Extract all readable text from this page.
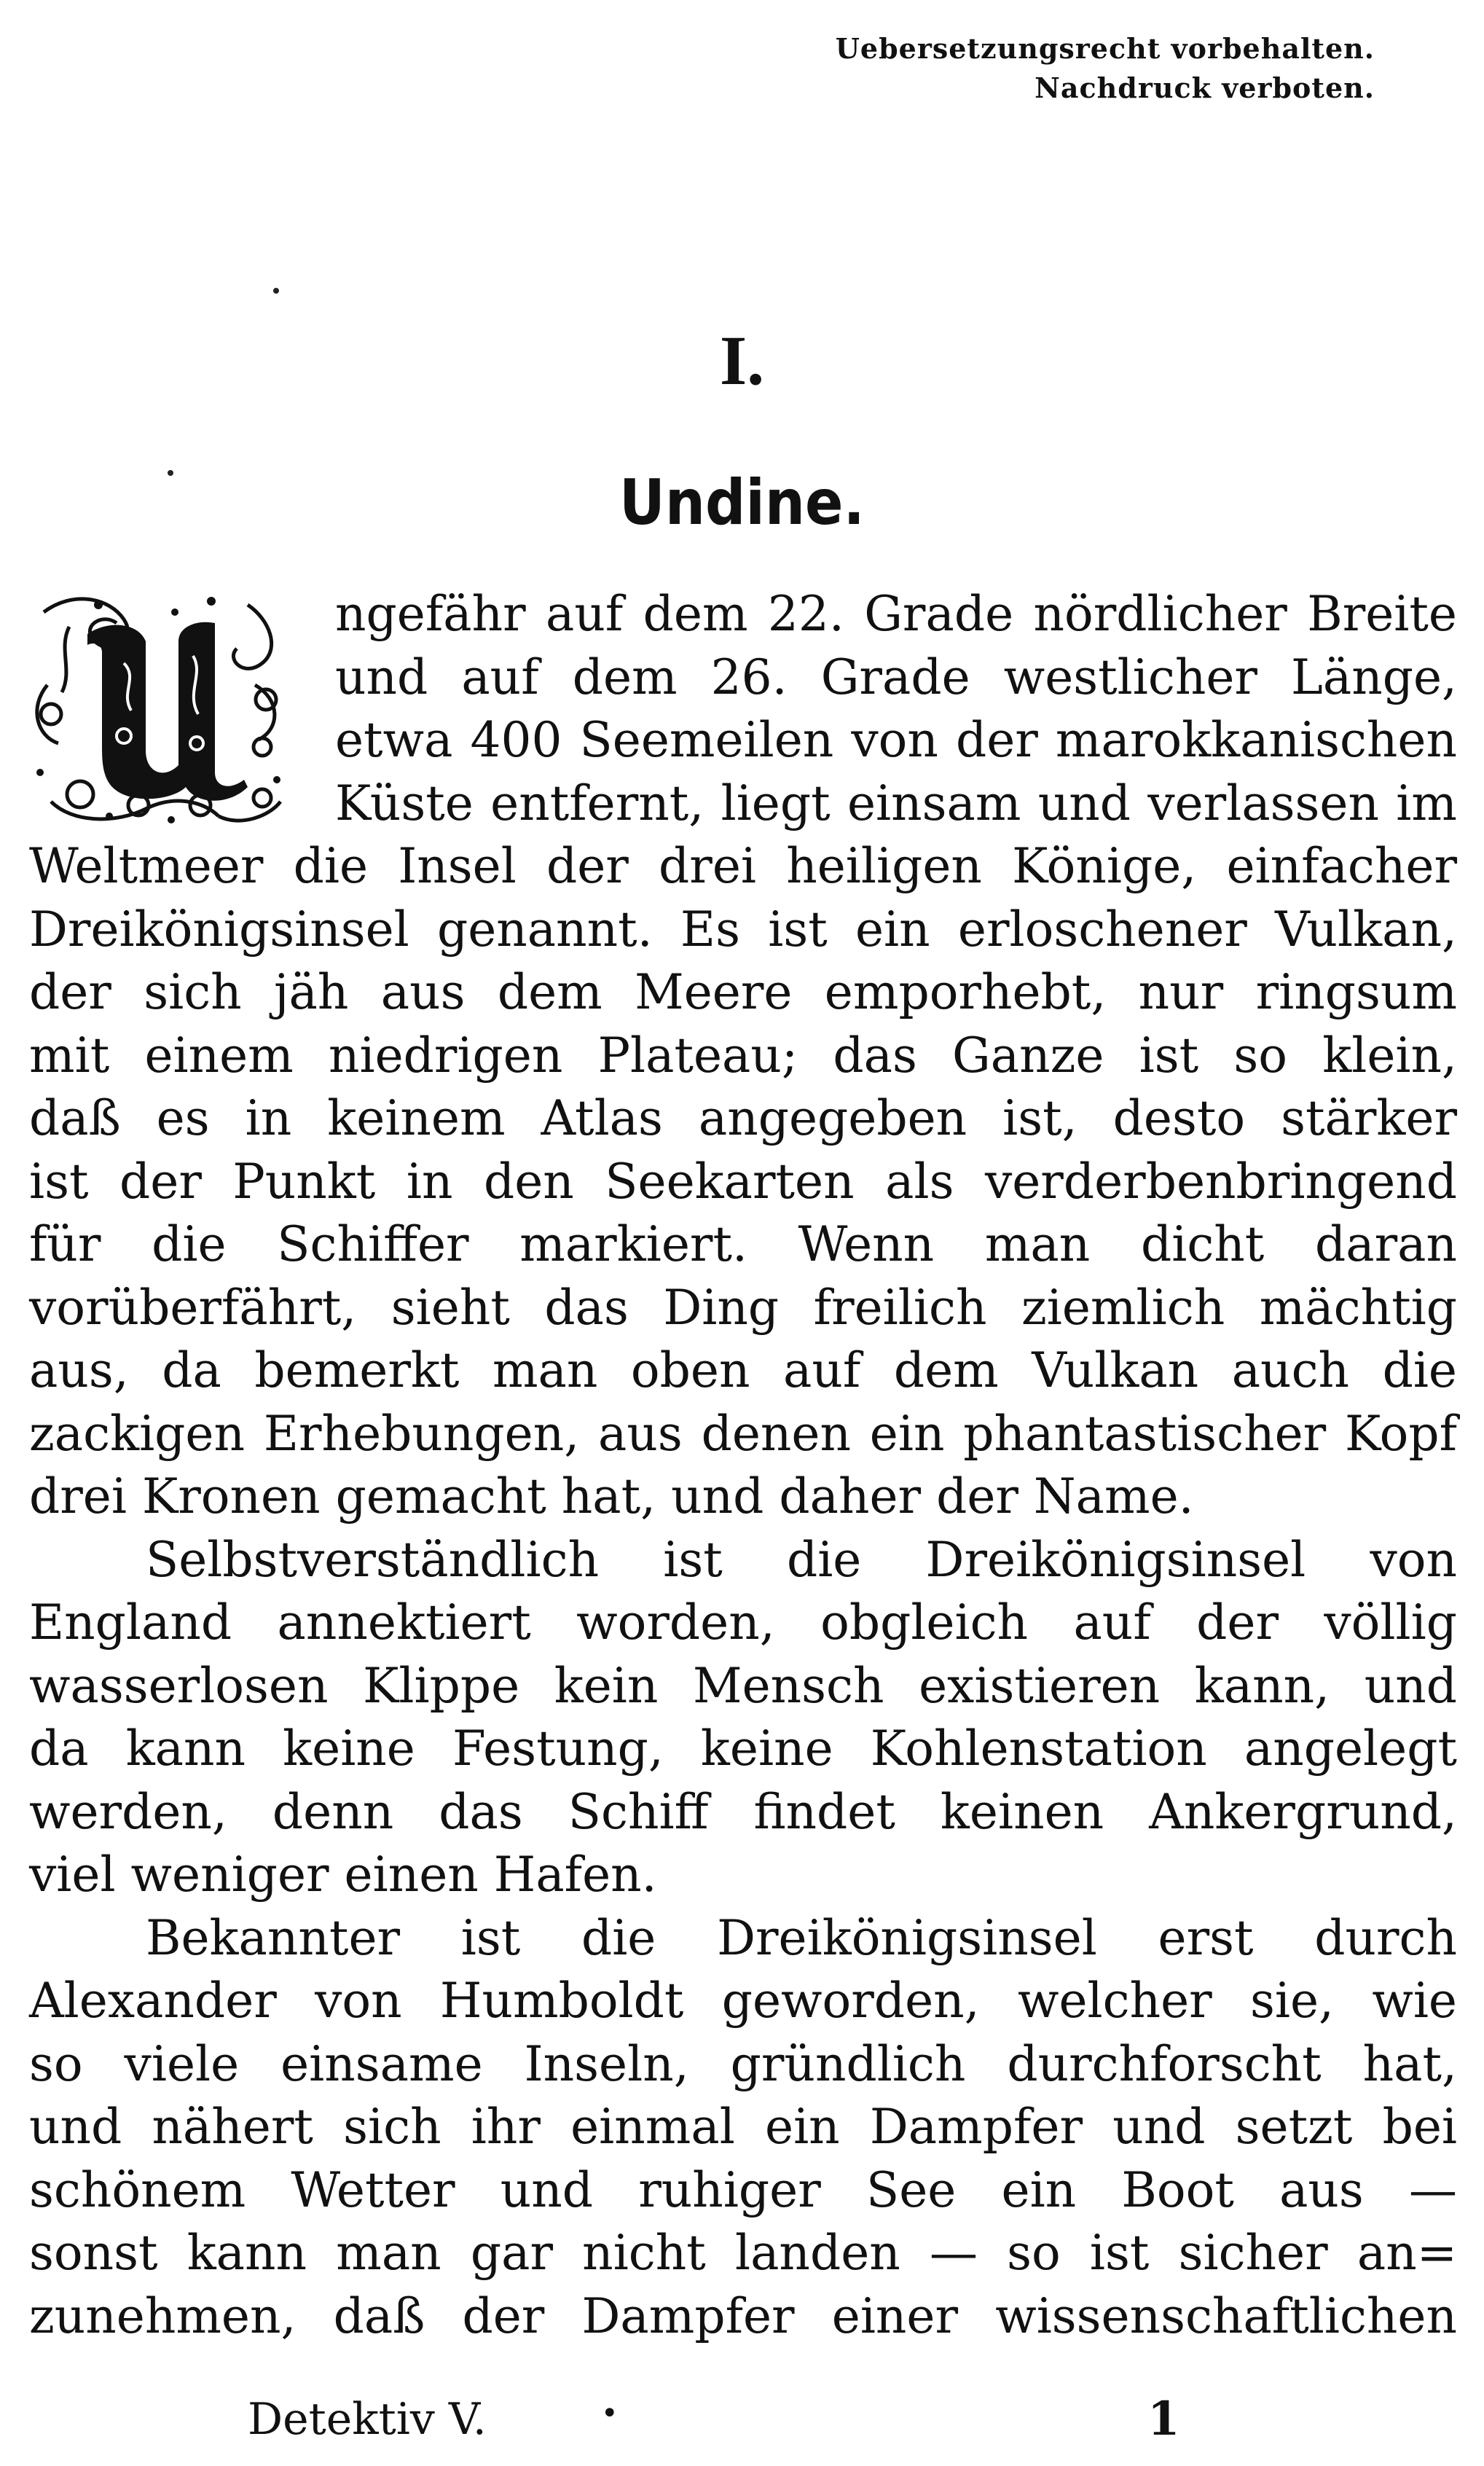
Uebersetzungsrecht vorbehalten.
Nachdruck verboten.
I.
Undine.
ngefähr auf dem 22. Grade nördlicher Breite
und auf dem 26. Grade westlicher Länge,
etwa 400 Seemeilen von der marokkanischen
Küste entfernt, liegt einsam und verlassen im
Weltmeer die Insel der drei heiligen Könige, einfacher
Dreikönigsinsel genannt. Es ist ein erloschener Vulkan,
der sich jäh aus dem Meere emporhebt, nur ringsum
mit einem niedrigen Plateau; das Ganze ist so klein,
daß es in keinem Atlas angegeben ist, desto stärker
ist der Punkt in den Seekarten als verderbenbringend
für die Schiffer markiert. Wenn man dicht daran
vorüberfährt, sieht das Ding freilich ziemlich mächtig
aus, da bemerkt man oben auf dem Vulkan auch die
zackigen Erhebungen, aus denen ein phantastischer Kopf
drei Kronen gemacht hat, und daher der Name.
Selbstverständlich ist die Dreikönigsinsel von
England annektiert worden, obgleich auf der völlig
wasserlosen Klippe kein Mensch existieren kann, und
da kann keine Festung, keine Kohlenstation angelegt
werden, denn das Schiff findet keinen Ankergrund,
viel weniger einen Hafen.
Bekannter ist die Dreikönigsinsel erst durch
Alexander von Humboldt geworden, welcher sie, wie
so viele einsame Inseln, gründlich durchforscht hat,
und nähert sich ihr einmal ein Dampfer und setzt bei
schönem Wetter und ruhiger See ein Boot aus —
sonst kann man gar nicht landen — so ist sicher an=
zunehmen, daß der Dampfer einer wissenschaftlichen
Detektiv V.	•	1
